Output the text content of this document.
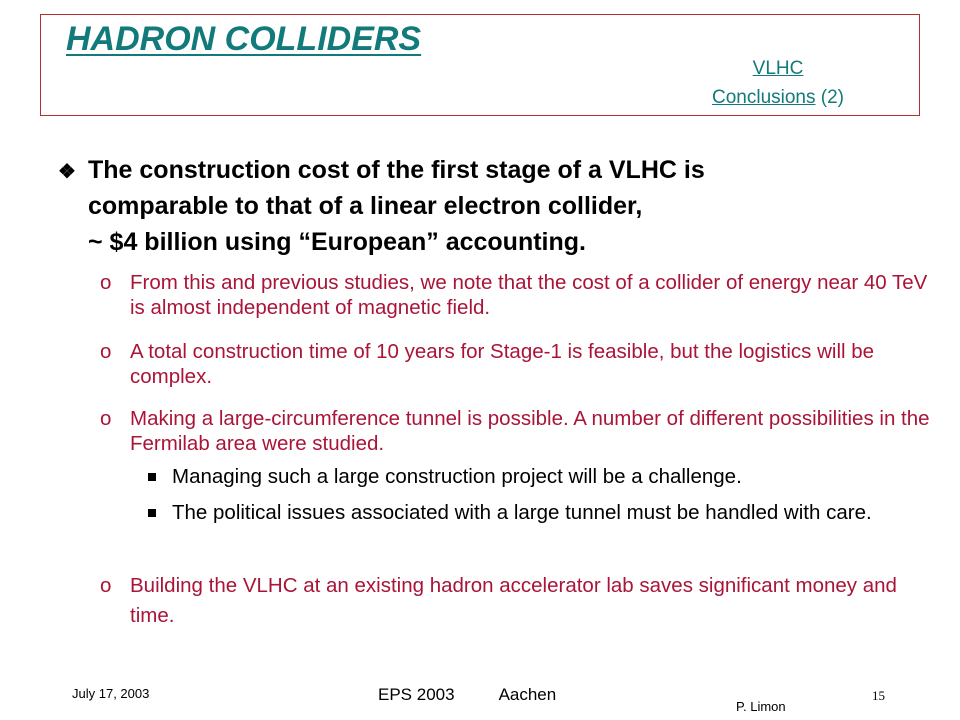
HADRON COLLIDERS
VLHC
Conclusions (2)
❖ The construction cost of the first stage of a VLHC is
comparable to that of a linear electron collider,
~ $4 billion using “European” accounting.
o From this and previous studies, we note that the cost of a collider of energy near 40 TeV is almost independent of magnetic field.
o A total construction time of 10 years for Stage-1 is feasible, but the logistics will be complex.
o Making a large-circumference tunnel is possible. A number of different possibilities in the Fermilab area were studied.
Managing such a large construction project will be a challenge.
The political issues associated with a large tunnel must be handled with care.
o Building the VLHC at an existing hadron accelerator lab saves significant money and time.
July 17, 2003	EPS 2003	Aachen	15
P. Limon
